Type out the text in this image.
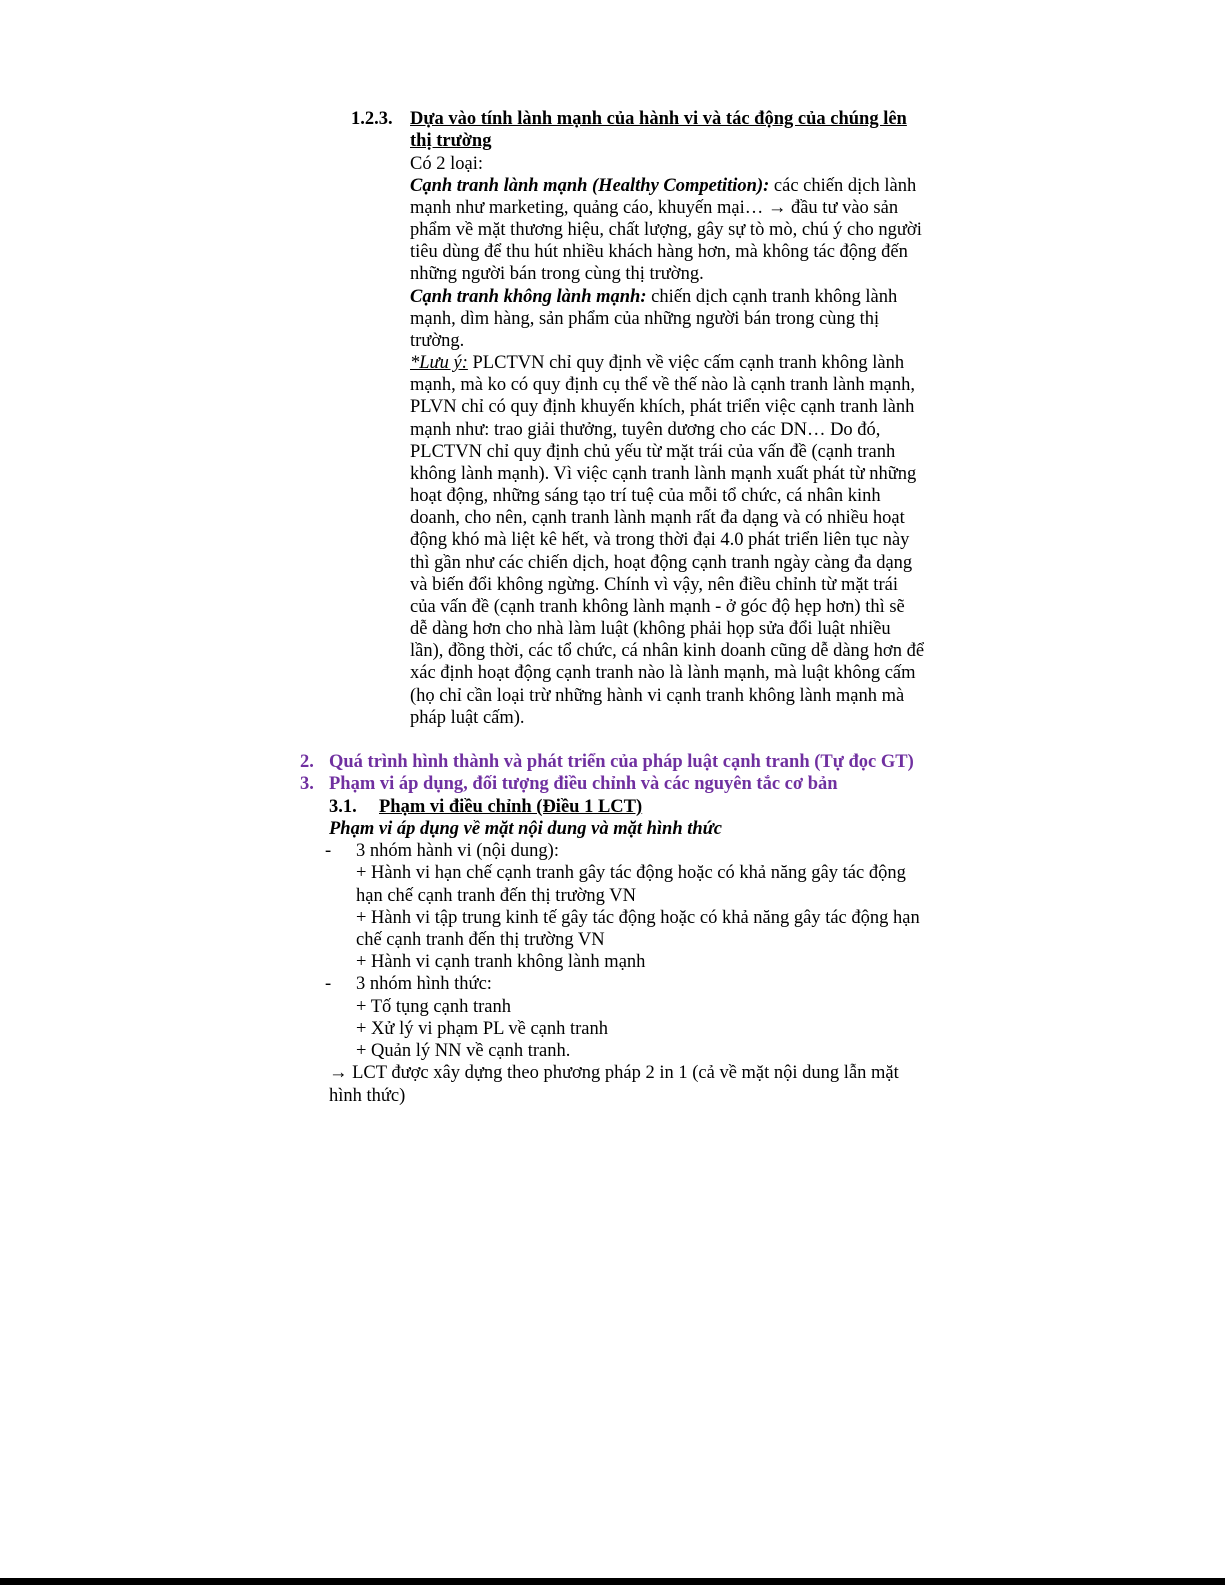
1.2.3. Dựa vào tính lành mạnh của hành vi và tác động của chúng lên
thị trường
Có 2 loại:
Cạnh tranh lành mạnh (Healthy Competition): các chiến dịch lành
mạnh như marketing, quảng cáo, khuyến mại… → đầu tư vào sản
phẩm về mặt thương hiệu, chất lượng, gây sự tò mò, chú ý cho người
tiêu dùng để thu hút nhiều khách hàng hơn, mà không tác động đến
những người bán trong cùng thị trường.
Cạnh tranh không lành mạnh: chiến dịch cạnh tranh không lành
mạnh, dìm hàng, sản phẩm của những người bán trong cùng thị
trường.
*Lưu ý: PLCTVN chỉ quy định về việc cấm cạnh tranh không lành
mạnh, mà ko có quy định cụ thể về thế nào là cạnh tranh lành mạnh,
PLVN chỉ có quy định khuyến khích, phát triển việc cạnh tranh lành
mạnh như: trao giải thưởng, tuyên dương cho các DN… Do đó,
PLCTVN chỉ quy định chủ yếu từ mặt trái của vấn đề (cạnh tranh
không lành mạnh). Vì việc cạnh tranh lành mạnh xuất phát từ những
hoạt động, những sáng tạo trí tuệ của mỗi tổ chức, cá nhân kinh
doanh, cho nên, cạnh tranh lành mạnh rất đa dạng và có nhiều hoạt
động khó mà liệt kê hết, và trong thời đại 4.0 phát triển liên tục này
thì gần như các chiến dịch, hoạt động cạnh tranh ngày càng đa dạng
và biến đổi không ngừng. Chính vì vậy, nên điều chỉnh từ mặt trái
của vấn đề (cạnh tranh không lành mạnh - ở góc độ hẹp hơn) thì sẽ
dễ dàng hơn cho nhà làm luật (không phải họp sửa đổi luật nhiều
lần), đồng thời, các tổ chức, cá nhân kinh doanh cũng dễ dàng hơn để
xác định hoạt động cạnh tranh nào là lành mạnh, mà luật không cấm
(họ chỉ cần loại trừ những hành vi cạnh tranh không lành mạnh mà
pháp luật cấm).
2. Quá trình hình thành và phát triển của pháp luật cạnh tranh (Tự đọc GT)
3. Phạm vi áp dụng, đối tượng điều chỉnh và các nguyên tắc cơ bản
3.1. Phạm vi điều chỉnh (Điều 1 LCT)
Phạm vi áp dụng về mặt nội dung và mặt hình thức
- 3 nhóm hành vi (nội dung):
+ Hành vi hạn chế cạnh tranh gây tác động hoặc có khả năng gây tác động
hạn chế cạnh tranh đến thị trường VN
+ Hành vi tập trung kinh tế gây tác động hoặc có khả năng gây tác động hạn
chế cạnh tranh đến thị trường VN
+ Hành vi cạnh tranh không lành mạnh
- 3 nhóm hình thức:
+ Tố tụng cạnh tranh
+ Xử lý vi phạm PL về cạnh tranh
+ Quản lý NN về cạnh tranh.
→ LCT được xây dựng theo phương pháp 2 in 1 (cả về mặt nội dung lẫn mặt
hình thức)
